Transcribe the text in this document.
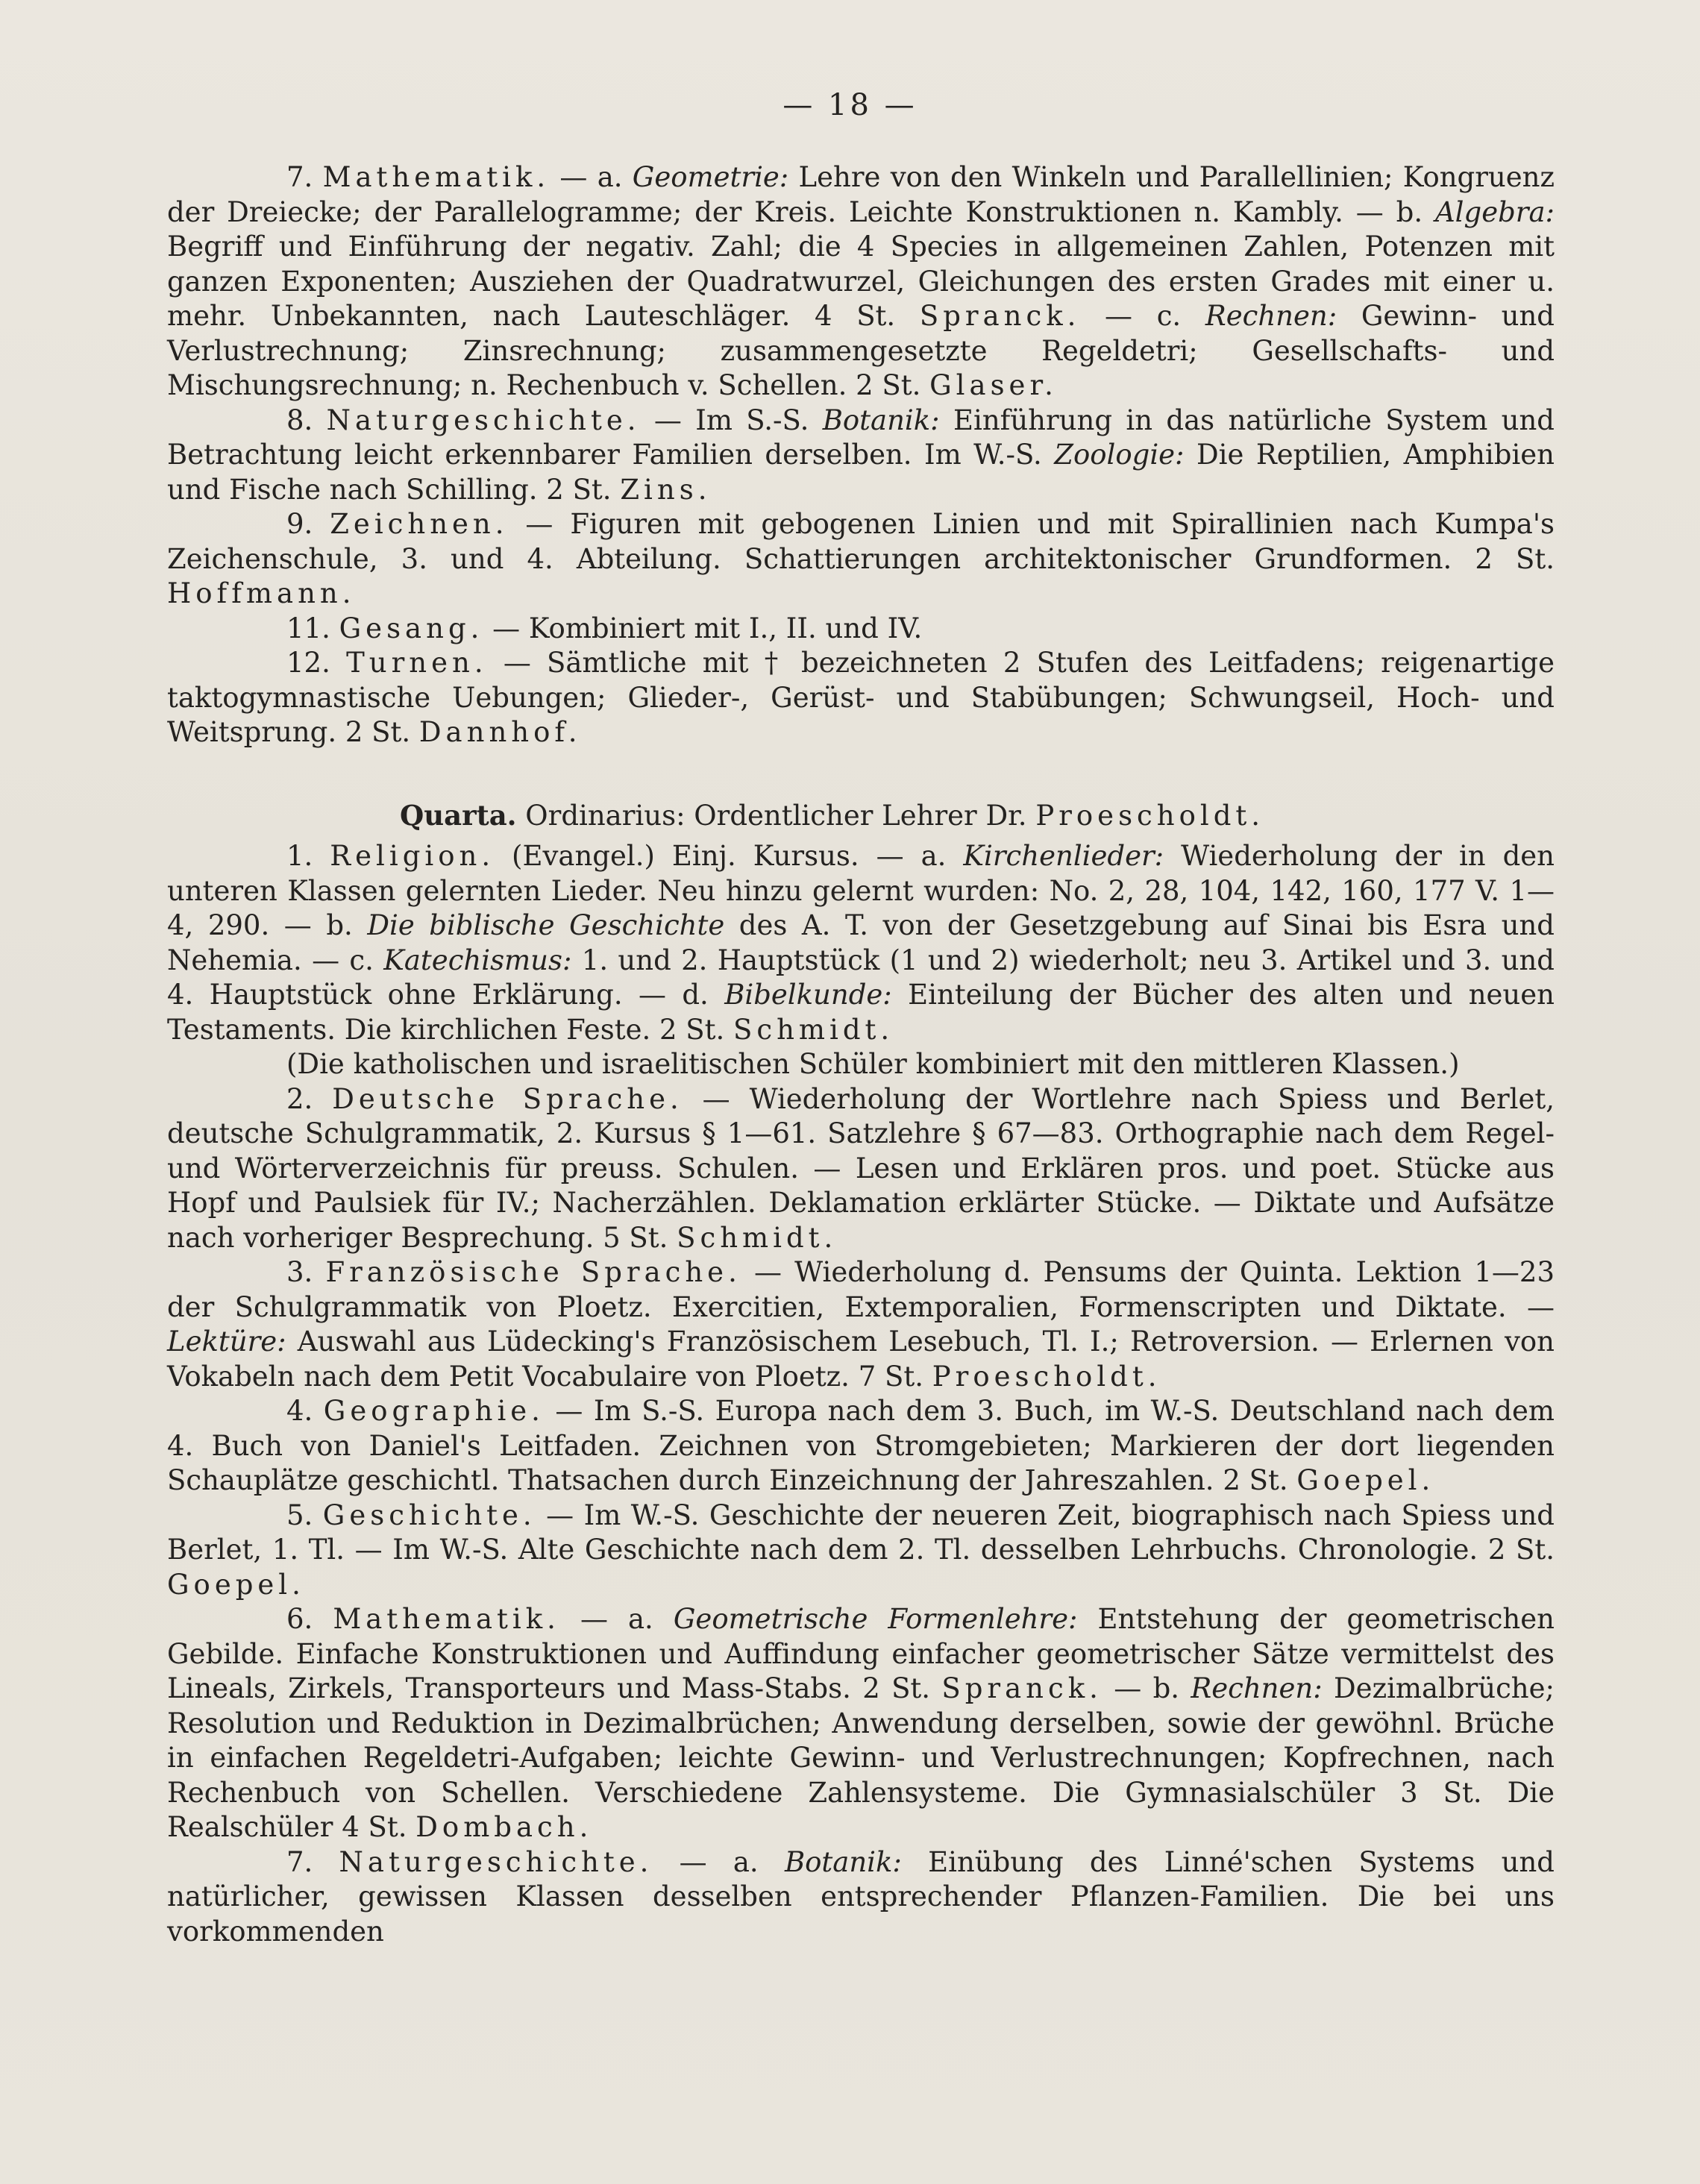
— 18 —

7. Mathematik. — a. Geometrie: Lehre von den Winkeln und Parallellinien; Kongruenz der Dreiecke; der Parallelogramme; der Kreis. Leichte Konstruktionen n. Kambly. — b. Algebra: Begriff und Einführung der negativ. Zahl; die 4 Species in allgemeinen Zahlen, Potenzen mit ganzen Exponenten; Ausziehen der Quadratwurzel, Gleichungen des ersten Grades mit einer u. mehr. Unbekannten, nach Lauteschläger. 4 St. Spranck. — c. Rechnen: Gewinn- und Verlustrechnung; Zinsrechnung; zusammengesetzte Regeldetri; Gesellschafts- und Mischungsrechnung; n. Rechenbuch v. Schellen. 2 St. Glaser.

8. Naturgeschichte. — Im S.-S. Botanik: Einführung in das natürliche System und Betrachtung leicht erkennbarer Familien derselben. Im W.-S. Zoologie: Die Reptilien, Amphibien und Fische nach Schilling. 2 St. Zins.

9. Zeichnen. — Figuren mit gebogenen Linien und mit Spirallinien nach Kumpa's Zeichenschule, 3. und 4. Abteilung. Schattierungen architektonischer Grundformen. 2 St. Hoffmann.

11. Gesang. — Kombiniert mit I., II. und IV.

12. Turnen. — Sämtliche mit † bezeichneten 2 Stufen des Leitfadens; reigenartige taktogymnastische Uebungen; Glieder-, Gerüst- und Stabübungen; Schwungseil, Hoch- und Weitsprung. 2 St. Dannhof.

Quarta. Ordinarius: Ordentlicher Lehrer Dr. Proescholdt.

1. Religion. (Evangel.) Einj. Kursus. — a. Kirchenlieder: Wiederholung der in den unteren Klassen gelernten Lieder. Neu hinzu gelernt wurden: No. 2, 28, 104, 142, 160, 177 V. 1—4, 290. — b. Die biblische Geschichte des A. T. von der Gesetzgebung auf Sinai bis Esra und Nehemia. — c. Katechismus: 1. und 2. Hauptstück (1 und 2) wiederholt; neu 3. Artikel und 3. und 4. Hauptstück ohne Erklärung. — d. Bibelkunde: Einteilung der Bücher des alten und neuen Testaments. Die kirchlichen Feste. 2 St. Schmidt.

(Die katholischen und israelitischen Schüler kombiniert mit den mittleren Klassen.)

2. Deutsche Sprache. — Wiederholung der Wortlehre nach Spiess und Berlet, deutsche Schulgrammatik, 2. Kursus § 1—61. Satzlehre § 67—83. Orthographie nach dem Regel- und Wörterverzeichnis für preuss. Schulen. — Lesen und Erklären pros. und poet. Stücke aus Hopf und Paulsiek für IV.; Nacherzählen. Deklamation erklärter Stücke. — Diktate und Aufsätze nach vorheriger Besprechung. 5 St. Schmidt.

3. Französische Sprache. — Wiederholung d. Pensums der Quinta. Lektion 1—23 der Schulgrammatik von Ploetz. Exercitien, Extemporalien, Formenscripten und Diktate. — Lektüre: Auswahl aus Lüdecking's Französischem Lesebuch, Tl. I.; Retroversion. — Erlernen von Vokabeln nach dem Petit Vocabulaire von Ploetz. 7 St. Proescholdt.

4. Geographie. — Im S.-S. Europa nach dem 3. Buch, im W.-S. Deutschland nach dem 4. Buch von Daniel's Leitfaden. Zeichnen von Stromgebieten; Markieren der dort liegenden Schauplätze geschichtl. Thatsachen durch Einzeichnung der Jahreszahlen. 2 St. Goepel.

5. Geschichte. — Im W.-S. Geschichte der neueren Zeit, biographisch nach Spiess und Berlet, 1. Tl. — Im W.-S. Alte Geschichte nach dem 2. Tl. desselben Lehrbuchs. Chronologie. 2 St. Goepel.

6. Mathematik. — a. Geometrische Formenlehre: Entstehung der geometrischen Gebilde. Einfache Konstruktionen und Auffindung einfacher geometrischer Sätze vermittelst des Lineals, Zirkels, Transporteurs und Mass-Stabs. 2 St. Spranck. — b. Rechnen: Dezimalbrüche; Resolution und Reduktion in Dezimalbrüchen; Anwendung derselben, sowie der gewöhnl. Brüche in einfachen Regeldetri-Aufgaben; leichte Gewinn- und Verlustrechnungen; Kopfrechnen, nach Rechenbuch von Schellen. Verschiedene Zahlensysteme. Die Gymnasialschüler 3 St. Die Realschüler 4 St. Dombach.

7. Naturgeschichte. — a. Botanik: Einübung des Linné'schen Systems und natürlicher, gewissen Klassen desselben entsprechender Pflanzen-Familien. Die bei uns vorkommenden
